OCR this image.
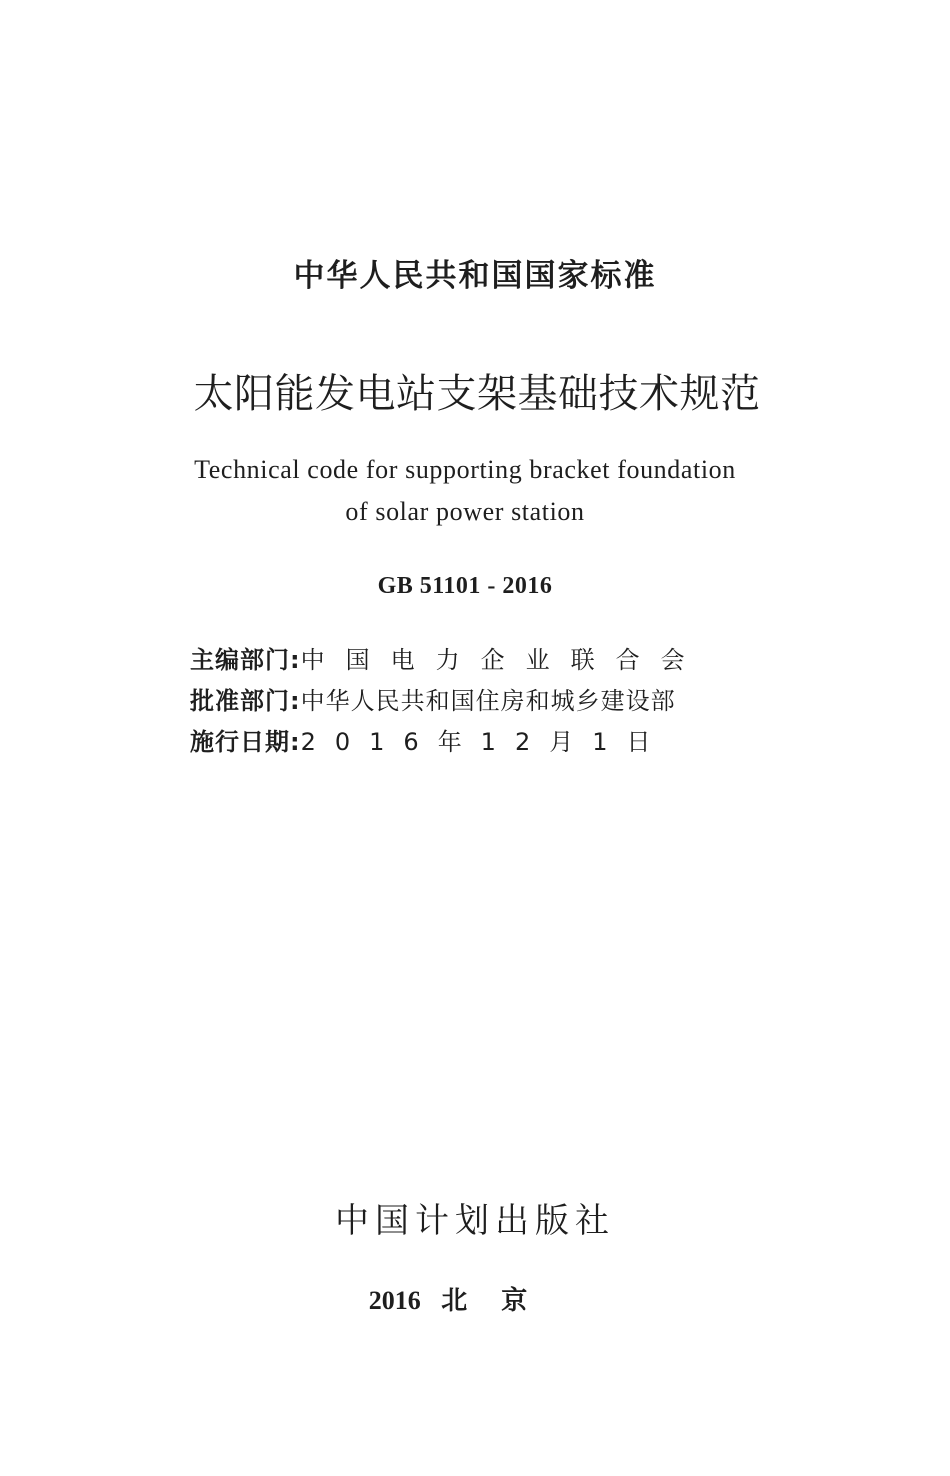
中华人民共和国国家标准
太阳能发电站支架基础技术规范
Technical code for supporting bracket foundation
of solar power station
GB 51101 - 2016
主编部门: 中国电力企业联合会
批准部门: 中华人民共和国住房和城乡建设部
施行日期: 2016年12月1日
中国计划出版社
2016 北京
